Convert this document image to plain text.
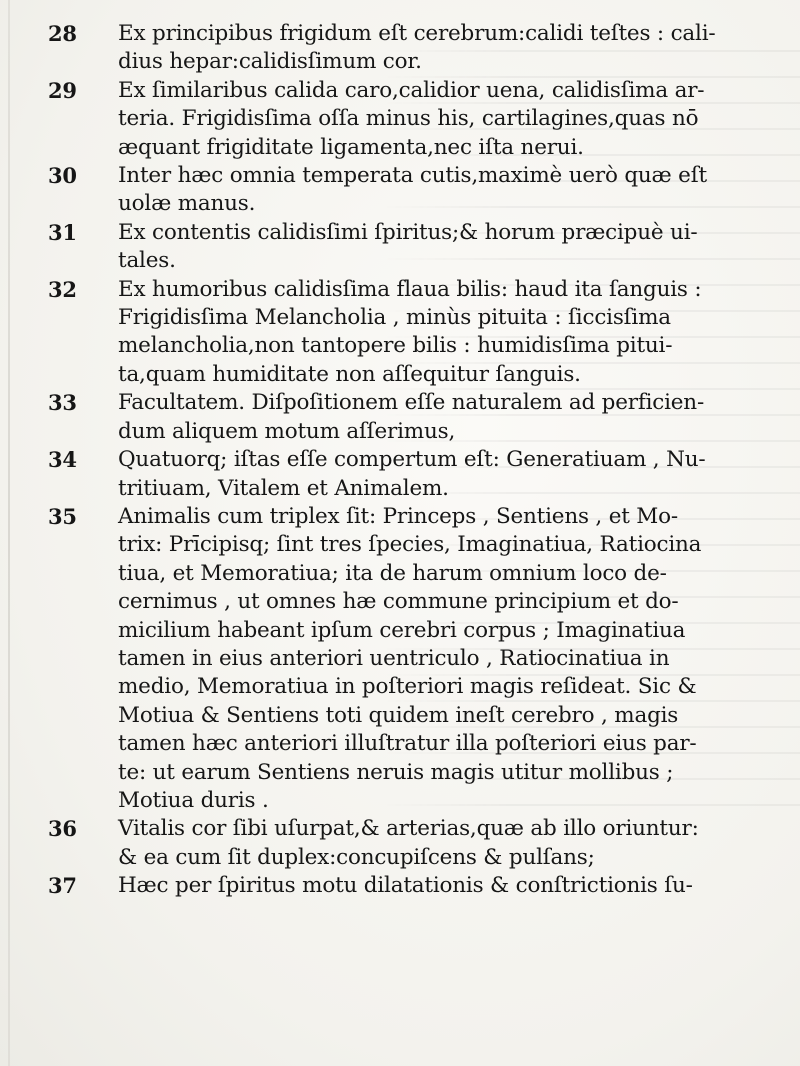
28	Ex principibus frigidum eſt cerebrum:calidi teſtes : cali-
dius hepar:calidisſimum cor.
29	Ex ſimilaribus calida caro,calidior uena, calidisſima ar-
teria. Frigidisſima oſſa minus his, cartilagines,quas nō
æquant frigiditate ligamenta,nec iſta nerui.
30	Inter hæc omnia temperata cutis,maximè uerò quæ eſt
uolæ manus.
31	Ex contentis calidisſimi ſpiritus;& horum præcipuè ui-
tales.
32	Ex humoribus calidisſima flaua bilis: haud ita ſanguis :
Frigidisſima Melancholia , minùs pituita : ſiccisſima
melancholia,non tantopere bilis : humidisſima pitui-
ta,quam humiditate non aſſequitur ſanguis.
33	Facultatem. Diſpoſitionem eſſe naturalem ad perficien-
dum aliquem motum aſſerimus,
34	Quatuorq; iſtas eſſe compertum eſt: Generatiuam , Nu-
tritiuam, Vitalem et Animalem.
35	Animalis cum triplex ſit: Princeps , Sentiens , et Mo-
trix: Prīcipisq; ſint tres ſpecies, Imaginatiua, Ratiocina
tiua, et Memoratiua; ita de harum omnium loco de-
cernimus , ut omnes hæ commune principium et do-
micilium habeant ipſum cerebri corpus ; Imaginatiua
tamen in eius anteriori uentriculo , Ratiocinatiua in
medio, Memoratiua in poſteriori magis reſideat. Sic &
Motiua & Sentiens toti quidem ineſt cerebro , magis
tamen hæc anteriori illuſtratur illa poſteriori eius par-
te: ut earum Sentiens neruis magis utitur mollibus ;
Motiua duris .
36	Vitalis cor ſibi uſurpat,& arterias,quæ ab illo oriuntur:
& ea cum ſit duplex:concupiſcens & pulſans;
37	Hæc per ſpiritus motu dilatationis & conſtrictionis ſu-
